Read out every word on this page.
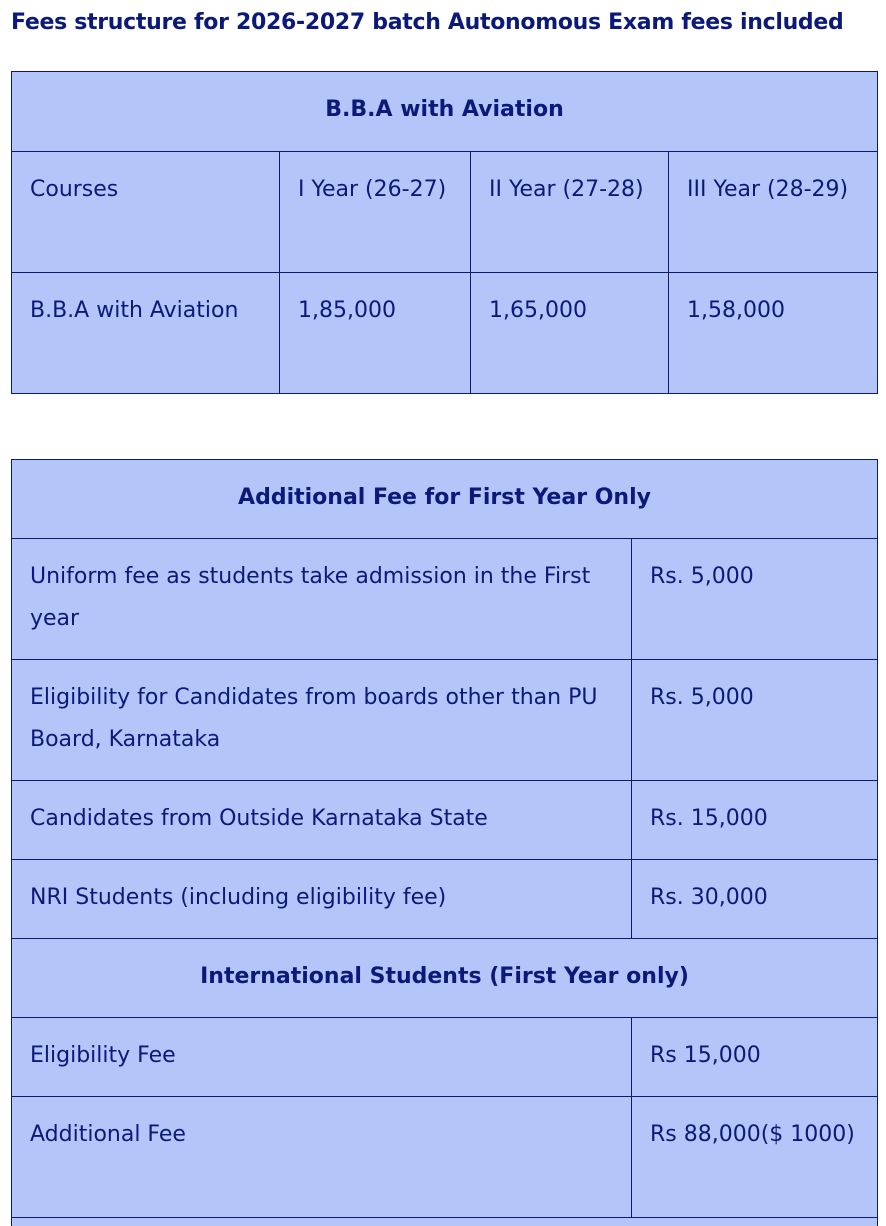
Fees structure for 2026-2027 batch Autonomous Exam fees included
B.B.A with Aviation			
Courses	I Year (26-27)	II Year (27-28)	III Year (28-29)
B.B.A with Aviation	1,85,000	1,65,000	1,58,000
Additional Fee for First Year Only	
Uniform fee as students take admission in the First year	Rs. 5,000
Eligibility for Candidates from boards other than PU Board, Karnataka	Rs. 5,000
Candidates from Outside Karnataka State	Rs. 15,000
NRI Students (including eligibility fee)	Rs. 30,000
International Students (First Year only)	
Eligibility Fee	Rs 15,000
Additional Fee	Rs 88,000($ 1000)
